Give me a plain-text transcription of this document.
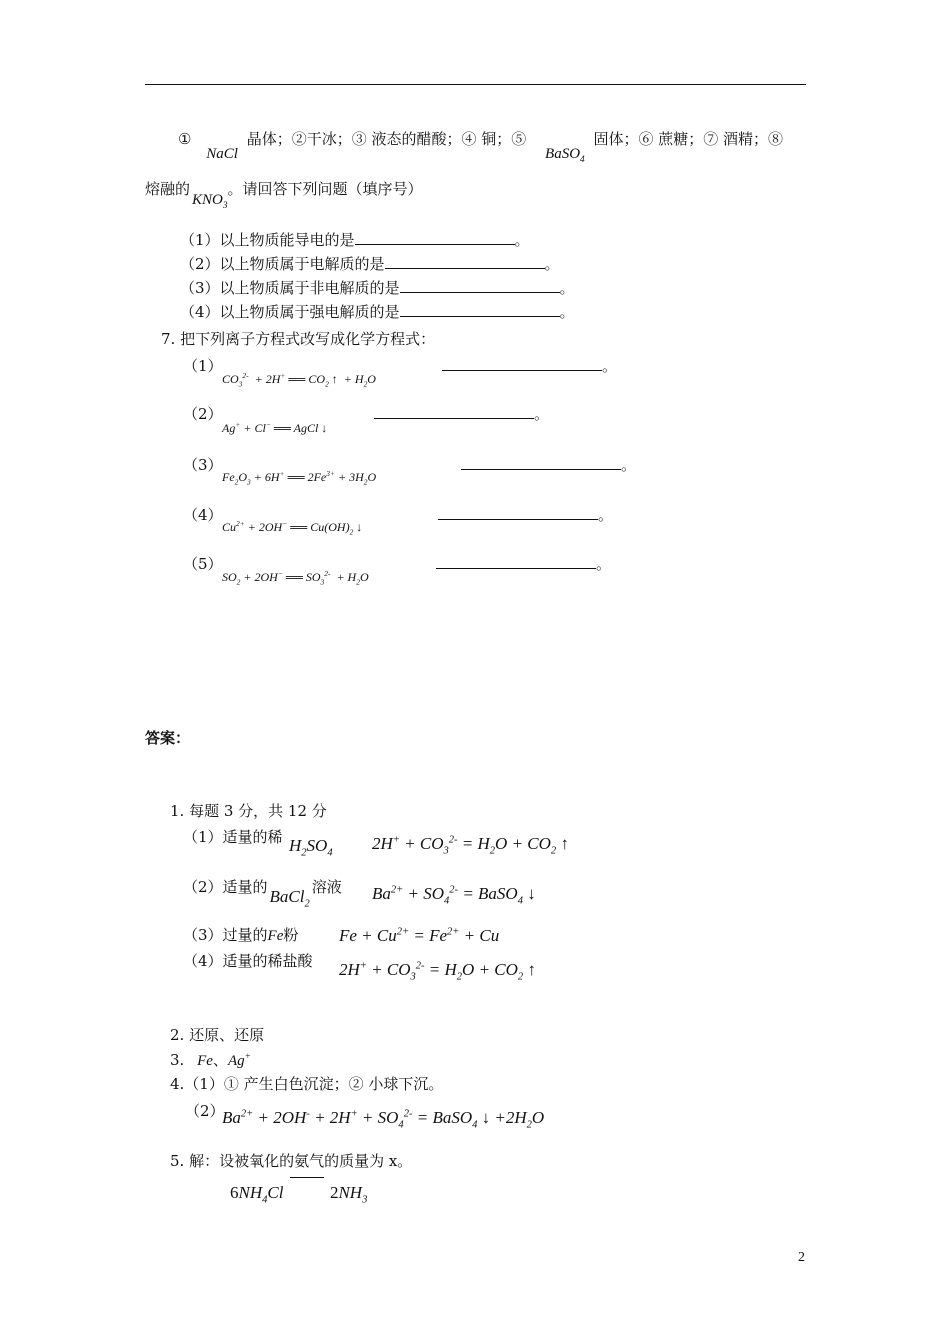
① NaCl 晶体；②干冰；③ 液态的醋酸；④ 铜；⑤ BaSO$_4$ 固体；⑥ 蔗糖；⑦ 酒精；⑧
熔融的$KNO_3$。请回答下列问题（填序号）
（1）以上物质能导电的是	。
（2）以上物质属于电解质的是	。
（3）以上物质属于非电解质的是	。
（4）以上物质属于强电解质的是	。
7. 把下列离子方程式改写成化学方程式：
（1）
$CO_3^{2-} + 2H^+$ ══ $CO_2$ ↑  + $H_2O$
。
（2）
Ag+ + Cl− ══ AgCl ↓
。
（3）
$Fe_2O_3 + 6H^+$ ══ $2Fe^{3+} + 3H_2O$
。
（4）
$Cu^{2+} + 2OH^-$ ══ $Cu(OH)_2$ ↓
。
（5）
$SO_2 + 2OH^-$ ══ $SO_3^{2-} + H_2O$
。
答案：
1. 每题 3 分，共 12 分
（1）适量的稀 $H_2SO_4$ $2H^+ + CO_3^{2-} = H_2O + CO_2$ ↑
（2）适量的 BaCl$_2$溶液 $Ba^{2+} + SO_4^{2-}$ = BaSO$_4$ ↓
（3）过量的Fe粉 $Fe + Cu^{2+} = Fe^{2+} + Cu$
（4）适量的稀盐酸 $2H^+ + CO_3^{2-} = H_2O + CO_2$ ↑
2. 还原、还原
3. Fe、Ag+
4.（1）① 产生白色沉淀；② 小球下沉。
（2）
$Ba^{2+} + 2OH^- + 2H^+ + SO_4^{2-}$ = BaSO$_4$ ↓ $+2H_2O$
5. 解：设被氧化的氨气的质量为 x。
$6NH_4Cl$  $2NH_3$
2
